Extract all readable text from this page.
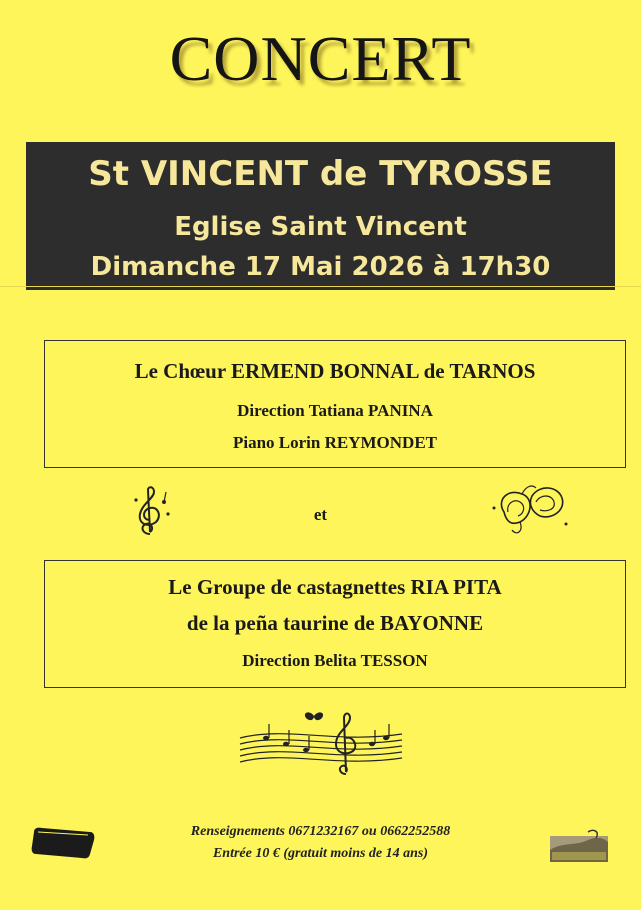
CONCERT
St VINCENT de TYROSSE
Eglise Saint Vincent
Dimanche 17 Mai 2026 à 17h30
Le Chœur ERMEND BONNAL de TARNOS
Direction Tatiana PANINA
Piano Lorin REYMONDET
et
Le Groupe de castagnettes RIA PITA
de la peña taurine de BAYONNE
Direction Belita TESSON
Renseignements 0671232167 ou 0662252588
Entrée 10 € (gratuit moins de 14 ans)
